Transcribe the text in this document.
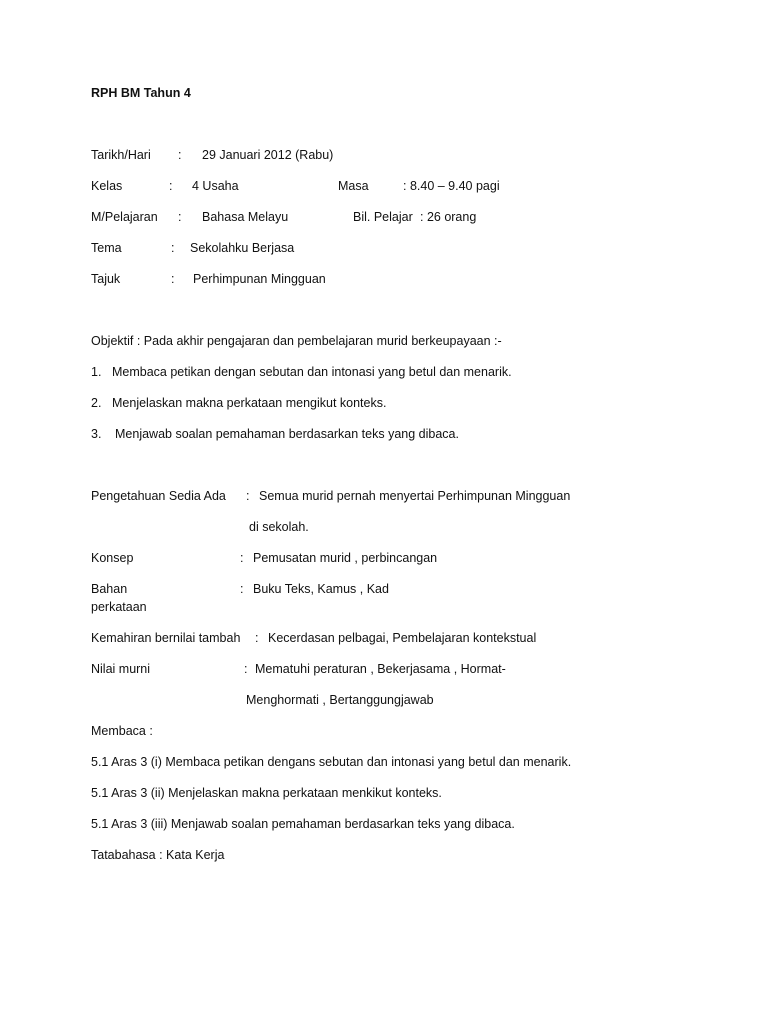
RPH BM Tahun 4
Tarikh/Hari : 29 Januari 2012 (Rabu)
Kelas	: 4 Usaha	Masa	: 8.40 – 9.40 pagi
M/Pelajaran : Bahasa Melayu	Bil. Pelajar : 26 orang
Tema	: Sekolahku Berjasa
Tajuk	: Perhimpunan Mingguan
Objektif : Pada akhir pengajaran dan pembelajaran murid berkeupayaan :-
1. Membaca petikan dengan sebutan dan intonasi yang betul dan menarik.
2. Menjelaskan makna perkataan mengikut konteks.
3. Menjawab soalan pemahaman berdasarkan teks yang dibaca.
Pengetahuan Sedia Ada : Semua murid pernah menyertai Perhimpunan Mingguan
di sekolah.
Konsep	: Pemusatan murid , perbincangan
Bahan	: Buku Teks, Kamus , Kad
perkataan
Kemahiran bernilai tambah : Kecerdasan pelbagai, Pembelajaran kontekstual
Nilai murni	: Mematuhi peraturan , Bekerjasama , Hormat-
Menghormati , Bertanggungjawab
Membaca :
5.1 Aras 3 (i) Membaca petikan dengans sebutan dan intonasi yang betul dan menarik.
5.1 Aras 3 (ii) Menjelaskan makna perkataan menkikut konteks.
5.1 Aras 3 (iii) Menjawab soalan pemahaman berdasarkan teks yang dibaca.
Tatabahasa : Kata Kerja
